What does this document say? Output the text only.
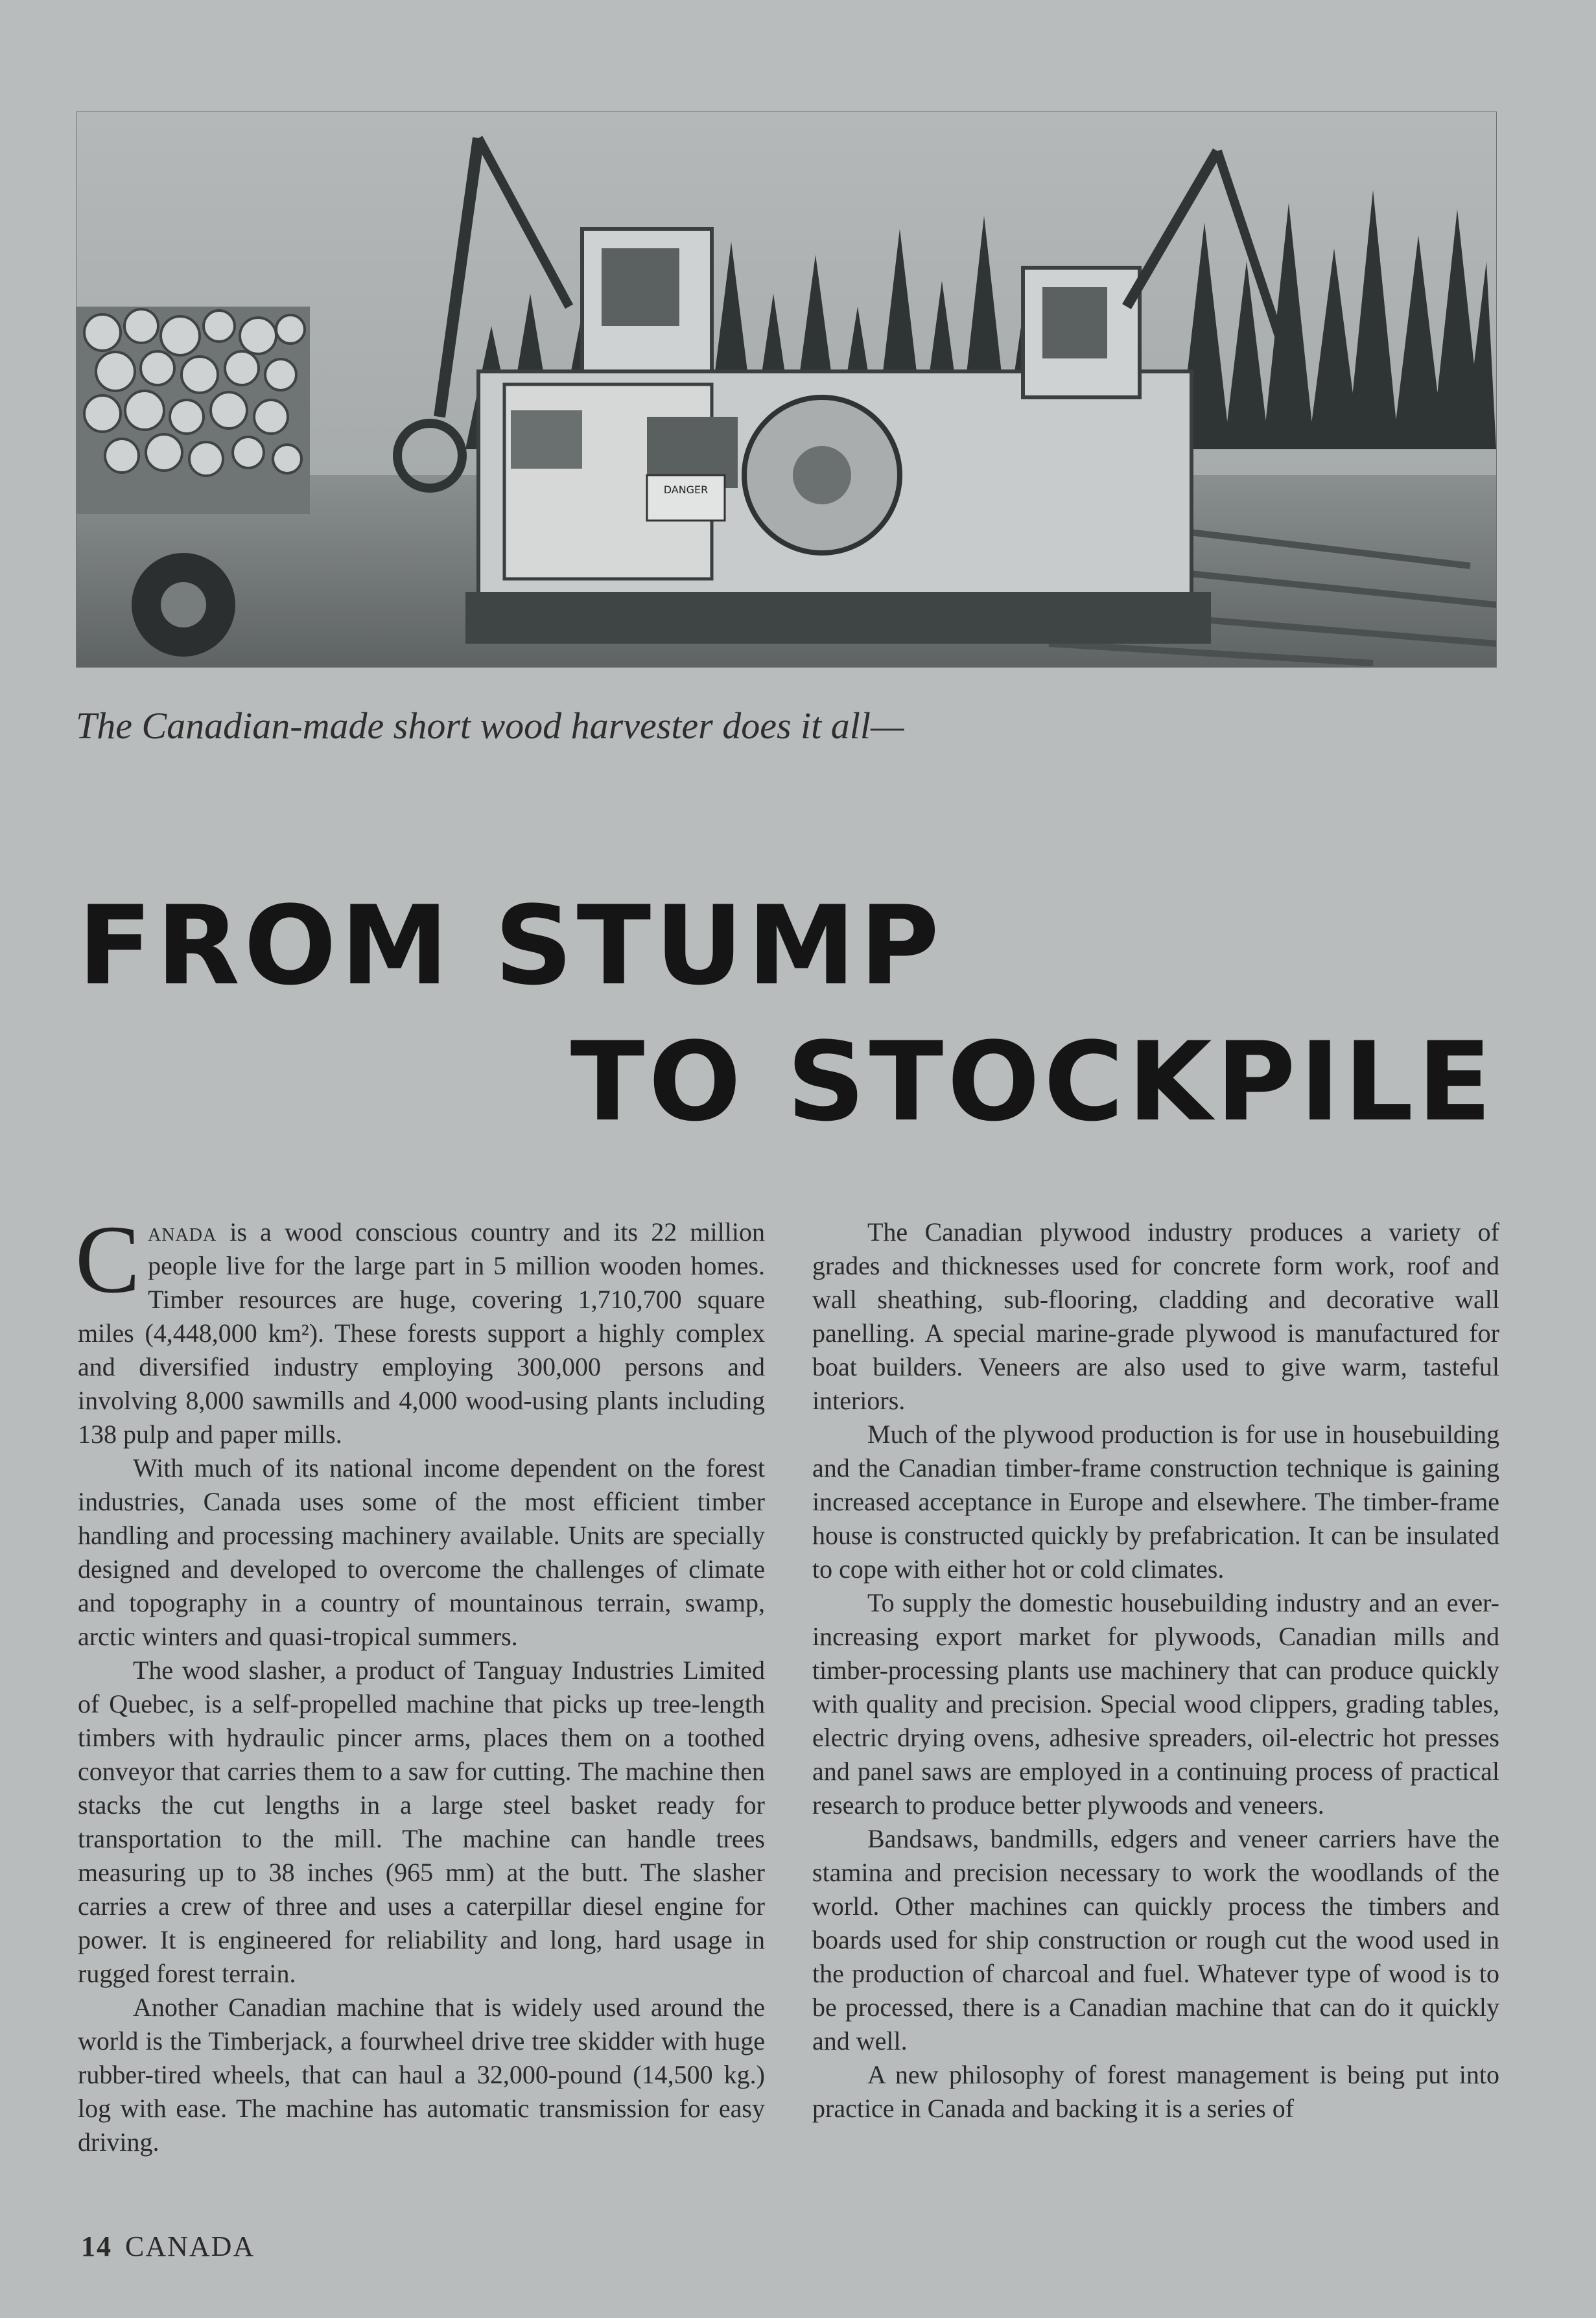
DANGER
The Canadian-made short wood harvester does it all—
FROM STUMP
TO STOCKPILE

Canada is a wood conscious country and its 22 million people live for the large part in 5 million wooden homes. Timber resources are huge, covering 1,710,700 square miles (4,448,000 km²). These forests support a highly complex and diversified industry employing 300,000 persons and involving 8,000 sawmills and 4,000 wood-using plants including 138 pulp and paper mills.

With much of its national income dependent on the forest industries, Canada uses some of the most efficient timber handling and processing machinery available. Units are specially designed and developed to overcome the challenges of climate and topography in a country of mountainous terrain, swamp, arctic winters and quasi-tropical summers.

The wood slasher, a product of Tanguay Industries Limited of Quebec, is a self-propelled machine that picks up tree-length timbers with hydraulic pincer arms, places them on a toothed conveyor that carries them to a saw for cutting. The machine then stacks the cut lengths in a large steel basket ready for transportation to the mill. The machine can handle trees measuring up to 38 inches (965 mm) at the butt. The slasher carries a crew of three and uses a caterpillar diesel engine for power. It is engineered for reliability and long, hard usage in rugged forest terrain.

Another Canadian machine that is widely used around the world is the Timberjack, a fourwheel drive tree skidder with huge rubber-tired wheels, that can haul a 32,000-pound (14,500 kg.) log with ease. The machine has automatic transmission for easy driving.

The Canadian plywood industry produces a variety of grades and thicknesses used for concrete form work, roof and wall sheathing, sub-flooring, cladding and decorative wall panelling. A special marine-grade plywood is manufactured for boat builders. Veneers are also used to give warm, tasteful interiors.

Much of the plywood production is for use in housebuilding and the Canadian timber-frame construction technique is gaining increased acceptance in Europe and elsewhere. The timber-frame house is constructed quickly by prefabrication. It can be insulated to cope with either hot or cold climates.

To supply the domestic housebuilding industry and an ever-increasing export market for plywoods, Canadian mills and timber-processing plants use machinery that can produce quickly with quality and precision. Special wood clippers, grading tables, electric drying ovens, adhesive spreaders, oil-electric hot presses and panel saws are employed in a continuing process of practical research to produce better plywoods and veneers.

Bandsaws, bandmills, edgers and veneer carriers have the stamina and precision necessary to work the woodlands of the world. Other machines can quickly process the timbers and boards used for ship construction or rough cut the wood used in the production of charcoal and fuel. Whatever type of wood is to be processed, there is a Canadian machine that can do it quickly and well.

A new philosophy of forest management is being put into practice in Canada and backing it is a series of

14 CANADA
